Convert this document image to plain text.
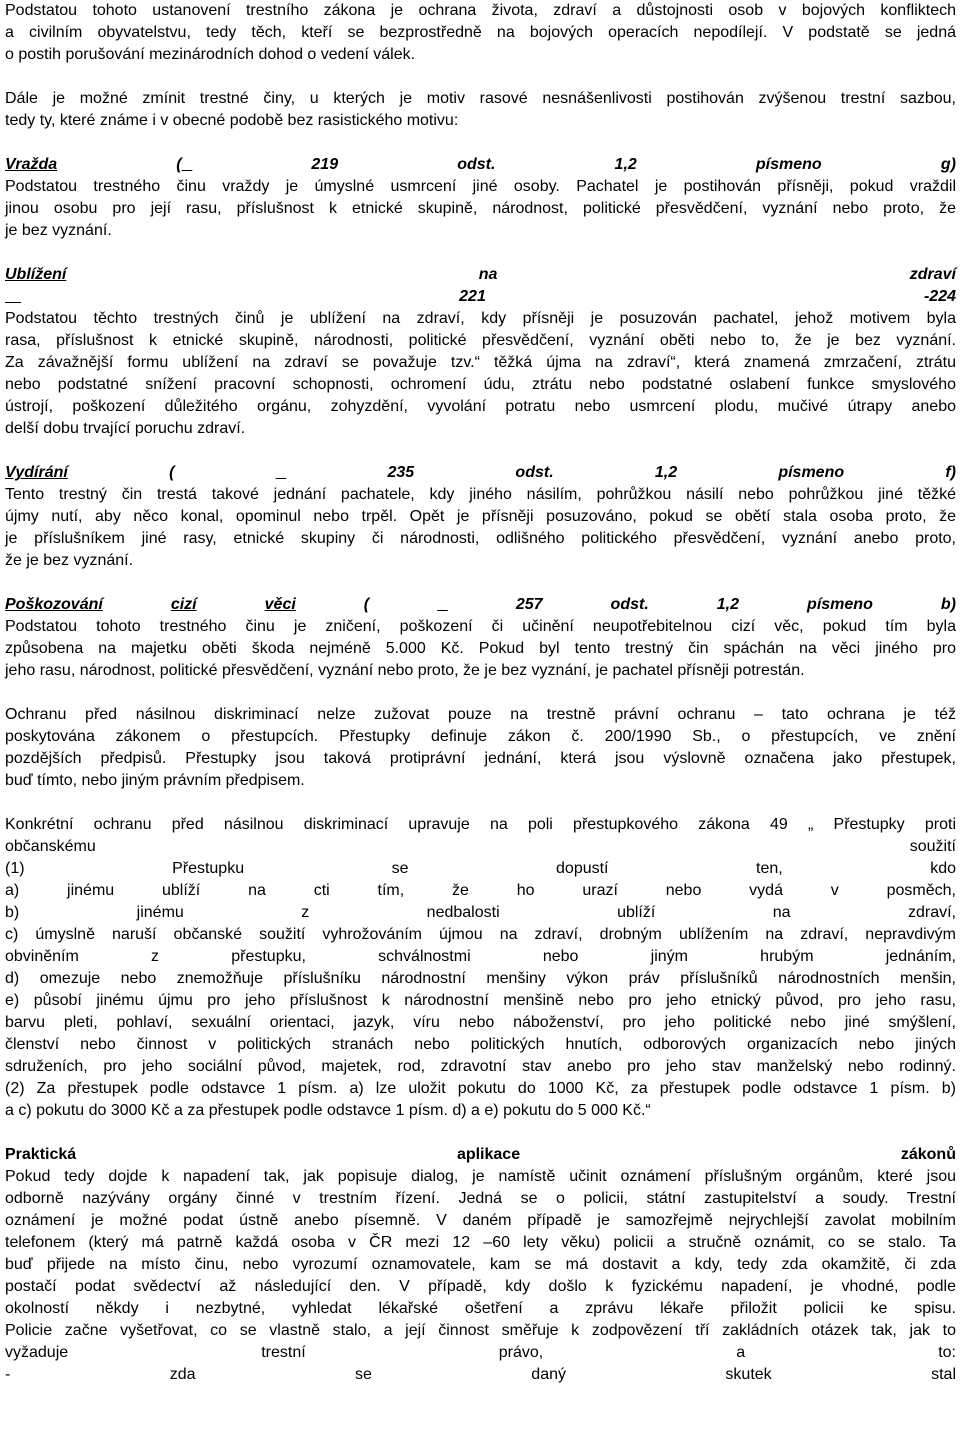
Podstatou tohoto ustanovení trestního zákona je ochrana života, zdraví a důstojnosti osob v bojových konfliktech

a civilním obyvatelstvu, tedy těch, kteří se bezprostředně na bojových operacích nepodílejí. V podstatě se jedná

o postih porušování mezinárodních dohod o vedení válek.

Dále je možné zmínit trestné činy, u kterých je motiv rasové nesnášenlivosti postihován zvýšenou trestní sazbou,

tedy ty, které známe i v obecné podobě bez rasistického motivu:

Vražda	(  	219	odst.	1,2	písmeno	g)

Podstatou trestného činu vraždy je úmyslné usmrcení jiné osoby. Pachatel je postihován přísněji, pokud vraždil

jinou osobu pro její rasu, příslušnost k etnické skupině, národnost, politické přesvědčení, vyznání nebo proto, že

je bez vyznání.

Ublížení	na	zdraví

221	-224

Podstatou těchto trestných činů je ublížení na zdraví, kdy přísněji je posuzován pachatel, jehož motivem byla

rasa, příslušnost k etnické skupině, národnosti, politické přesvědčení, vyznání oběti nebo to, že je bez vyznání.

Za závažnější formu ublížení na zdraví se považuje tzv.“ těžká újma na zdraví“, která znamená zmrzačení, ztrátu

nebo podstatné snížení pracovní schopnosti, ochromení údu, ztrátu nebo podstatné oslabení funkce smyslového

ústrojí, poškození důležitého orgánu, zohyzdění, vyvolání potratu nebo usmrcení plodu, mučivé útrapy anebo

delší dobu trvající poruchu zdraví.

Vydírání	(
  	235	odst.	1,2	písmeno	f)

Tento trestný čin trestá takové jednání pachatele, kdy jiného násilím, pohrůžkou násilí nebo pohrůžkou jiné těžké

újmy nutí, aby něco konal, opominul nebo trpěl. Opět je přísněji posuzováno, pokud se obětí stala osoba proto, že

je příslušníkem jiné rasy, etnické skupiny či národnosti, odlišného politického přesvědčení, vyznání anebo proto,

že je bez vyznání.

Poškozování	cizí	věci	(
  	257	odst.	1,2	písmeno	b)

Podstatou tohoto trestného činu je zničení, poškození či učinění neupotřebitelnou cizí věc, pokud tím byla

způsobena na majetku oběti škoda nejméně 5.000 Kč. Pokud byl tento trestný čin spáchán na věci jiného pro

jeho rasu, národnost, politické přesvědčení, vyznání nebo proto, že je bez vyznání, je pachatel přísněji potrestán.

Ochranu před násilnou diskriminací nelze zužovat pouze na trestně právní ochranu – tato ochrana je též

poskytována zákonem o přestupcích. Přestupky definuje zákon č. 200/1990 Sb., o přestupcích, ve znění

pozdějších předpisů. Přestupky jsou taková protiprávní jednání, která jsou výslovně označena jako přestupek,

buď tímto, nebo jiným právním předpisem.

Konkrétní ochranu před násilnou diskriminací upravuje na poli přestupkového zákona 49 „ Přestupky proti

občanskému soužití

(1) Přestupku se dopustí ten, kdo

a) jinému ublíží na cti tím, že ho urazí nebo vydá v posměch,

b) jinému z nedbalosti ublíží na zdraví,

c) úmyslně naruší občanské soužití vyhrožováním újmou na zdraví, drobným ublížením na zdraví, nepravdivým

obviněním z přestupku, schválnostmi nebo jiným hrubým jednáním,

d) omezuje nebo znemožňuje příslušníku národnostní menšiny výkon práv příslušníků národnostních menšin,

e) působí jinému újmu pro jeho příslušnost k národnostní menšině nebo pro jeho etnický původ, pro jeho rasu,

barvu pleti, pohlaví, sexuální orientaci, jazyk, víru nebo náboženství, pro jeho politické nebo jiné smýšlení,

členství nebo činnost v politických stranách nebo politických hnutích, odborových organizacích nebo jiných

sdruženích, pro jeho sociální původ, majetek, rod, zdravotní stav anebo pro jeho stav manželský nebo rodinný.

(2) Za přestupek podle odstavce 1 písm. a) lze uložit pokutu do 1000 Kč, za přestupek podle odstavce 1 písm. b)

a c) pokutu do 3000 Kč a za přestupek podle odstavce 1 písm. d) a e) pokutu do 5 000 Kč.“

Praktická	aplikace	zákonů

Pokud tedy dojde k napadení tak, jak popisuje dialog, je namístě učinit oznámení příslušným orgánům, které jsou

odborně nazývány orgány činné v trestním řízení. Jedná se o policii, státní zastupitelství a soudy. Trestní

oznámení je možné podat ústně anebo písemně. V daném případě je samozřejmě nejrychlejší zavolat mobilním

telefonem (který má patrně každá osoba v ČR mezi 12 –60 lety věku) policii a stručně oznámit, co se stalo. Ta

buď přijede na místo činu, nebo vyrozumí oznamovatele, kam se má dostavit a kdy, tedy zda okamžitě, či zda

postačí podat svědectví až následující den. V případě, kdy došlo k fyzickému napadení, je vhodné, podle

okolností někdy i nezbytné, vyhledat lékařské ošetření a zprávu lékaře přiložit policii ke spisu.

Policie začne vyšetřovat, co se vlastně stalo, a její činnost směřuje k zodpovězení tří zakládních otázek tak, jak to

vyžaduje trestní právo, a to:

- zda se daný skutek stal
